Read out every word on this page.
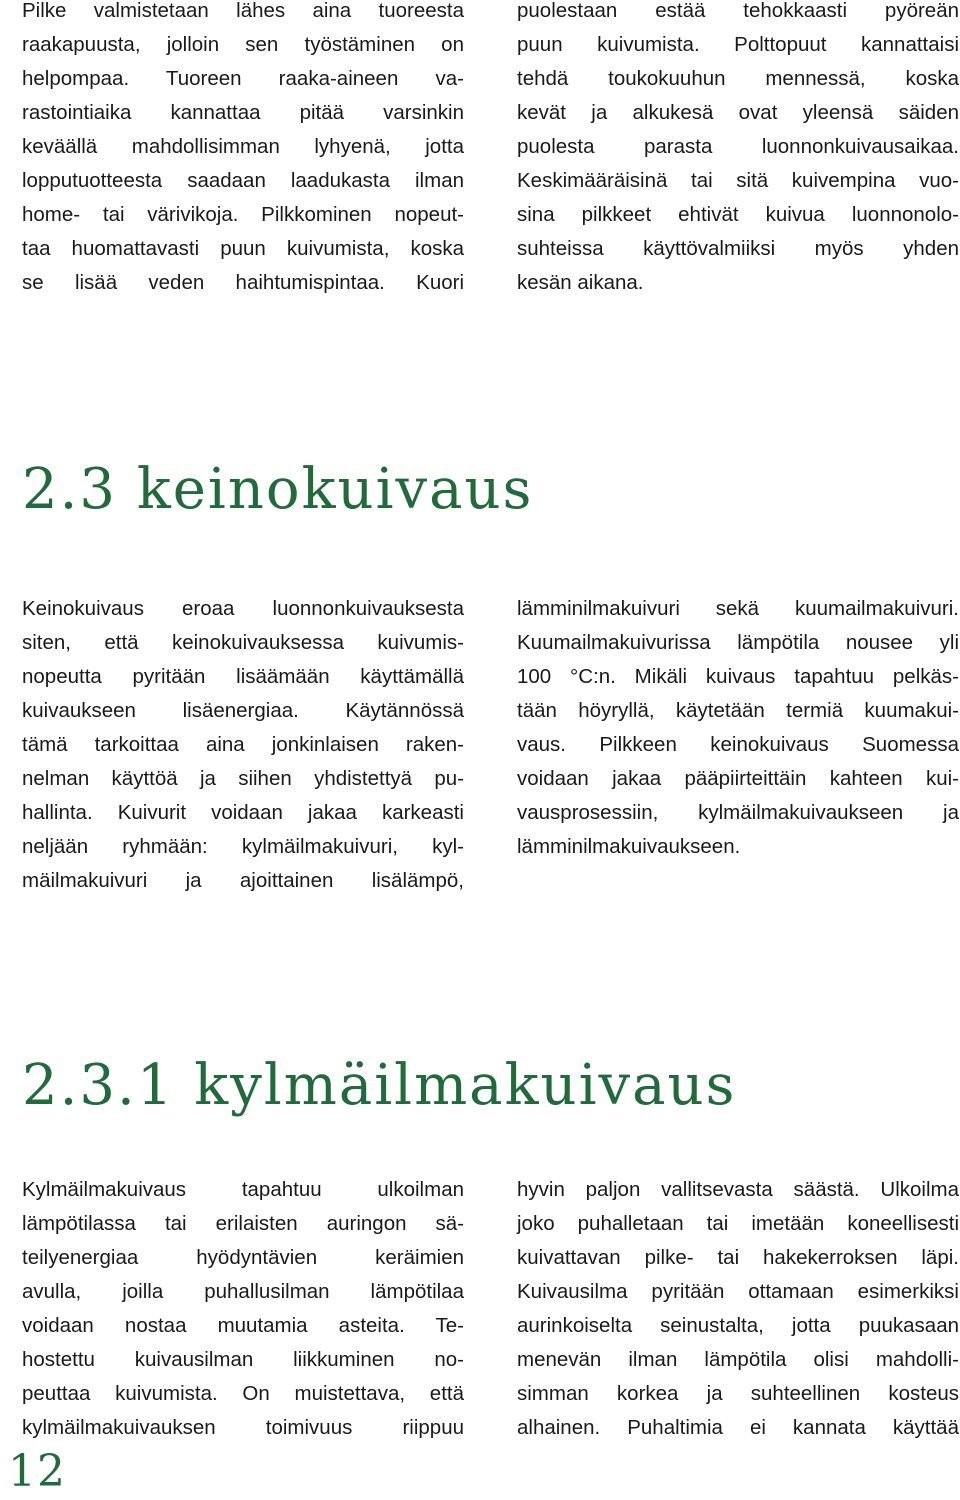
Pilke valmistetaan lähes aina tuoreesta
raakapuusta, jolloin sen työstäminen on
helpompaa. Tuoreen raaka-aineen va-
rastointiaika kannattaa pitää varsinkin
keväällä mahdollisimman lyhyenä, jotta
lopputuotteesta saadaan laadukasta ilman
home- tai värivikoja. Pilkkominen nopeut-
taa huomattavasti puun kuivumista, koska
se lisää veden haihtumispintaa. Kuori
puolestaan estää tehokkaasti pyöreän
puun kuivumista. Polttopuut kannattaisi
tehdä toukokuuhun mennessä, koska
kevät ja alkukesä ovat yleensä säiden
puolesta parasta luonnonkuivausaikaa.
Keskimääräisinä tai sitä kuivempina vuo-
sina pilkkeet ehtivät kuivua luonnonolo-
suhteissa käyttövalmiiksi myös yhden
kesän aikana.
2.3 keinokuivaus
Keinokuivaus eroaa luonnonkuivauksesta
siten, että keinokuivauksessa kuivumis-
nopeutta pyritään lisäämään käyttämällä
kuivaukseen lisäenergiaa. Käytännössä
tämä tarkoittaa aina jonkinlaisen raken-
nelman käyttöä ja siihen yhdistettyä pu-
hallinta. Kuivurit voidaan jakaa karkeasti
neljään ryhmään: kylmäilmakuivuri, kyl-
mäilmakuivuri ja ajoittainen lisälämpö,
lämminilmakuivuri sekä kuumailmakuivuri.
Kuumailmakuivurissa lämpötila nousee yli
100 °C:n. Mikäli kuivaus tapahtuu pelkäs-
tään höyryllä, käytetään termiä kuumakui-
vaus. Pilkkeen keinokuivaus Suomessa
voidaan jakaa pääpiirteittäin kahteen kui-
vausprosessiin, kylmäilmakuivaukseen ja
lämminilmakuivaukseen.
2.3.1 kylmäilmakuivaus
Kylmäilmakuivaus tapahtuu ulkoilman
lämpötilassa tai erilaisten auringon sä-
teilyenergiaa hyödyntävien keräimien
avulla, joilla puhallusilman lämpötilaa
voidaan nostaa muutamia asteita. Te-
hostettu kuivausilman liikkuminen no-
peuttaa kuivumista. On muistettava, että
kylmäilmakuivauksen toimivuus riippuu
hyvin paljon vallitsevasta säästä. Ulkoilma
joko puhalletaan tai imetään koneellisesti
kuivattavan pilke- tai hakekerroksen läpi.
Kuivausilma pyritään ottamaan esimerkiksi
aurinkoiselta seinustalta, jotta puukasaan
menevän ilman lämpötila olisi mahdolli-
simman korkea ja suhteellinen kosteus
alhainen. Puhaltimia ei kannata käyttää
12
